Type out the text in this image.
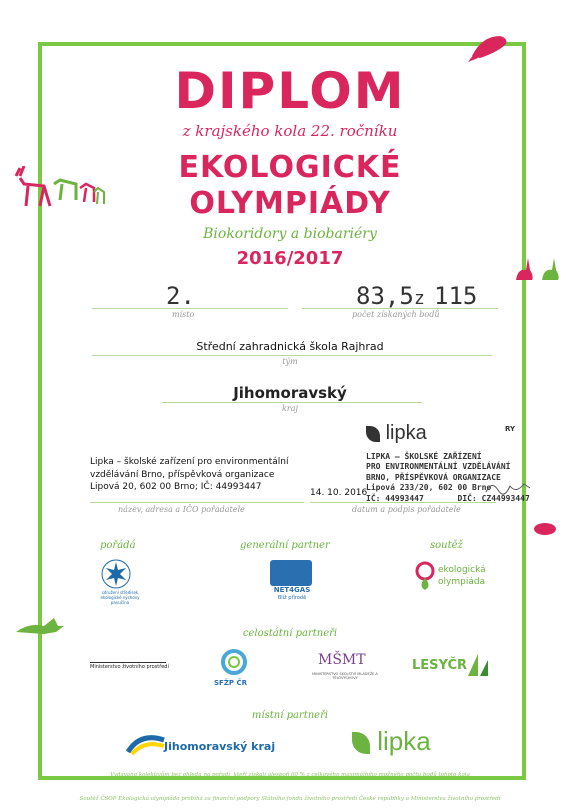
DIPLOM
z krajského kola 22. ročníku
EKOLOGICKÉ
OLYMPIÁDY
Biokoridory a biobariéry
2016/2017
2.
místo
83,5 z 115
počet získaných bodů
Střední zahradnická škola Rajhrad
tým
Jihomoravský
kraj
Lipka – školské zařízení pro environmentální
vzdělávání Brno, příspěvková organizace
Lipová 20, 602 00 Brno; IČ: 44993447
název, adresa a IČO pořadatele
lipka	RY
LIPKA – ŠKOLSKÉ ZAŘÍZENÍ
PRO ENVIRONMENTÁLNÍ VZDĚLÁVÁNÍ
BRNO, PŘÍSPĚVKOVÁ ORGANIZACE
Lipová 233/20, 602 00 Brno
IČ: 44993447	DIČ: CZ44993447
14. 10. 2016
datum a podpis pořadatele
pořádá	generální partner	soutěž
sdružení středisek ekologické výchovy pavučina
NET4GAS
Blíž přírodě
ekologická
olympiáda
celostátní partneři
Ministerstvo životního prostředí
SFŽP ČR
MŠMT
MINISTERSTVO ŠKOLSTVÍ MLÁDEŽE A TĚLOVÝCHOVY
LESYČR
místní partneři
Jihomoravský kraj	lipka
Vydáváno kolektivům bez ohledu na pořadí, kteří získali alespoň 60 % z celkového maximálního možného počtu bodů tohoto kola
Soutěž ČSOP Ekologická olympiáda probíhá za finanční podpory Státního fondu životního prostředí České republiky a Ministerstva životního prostředí
